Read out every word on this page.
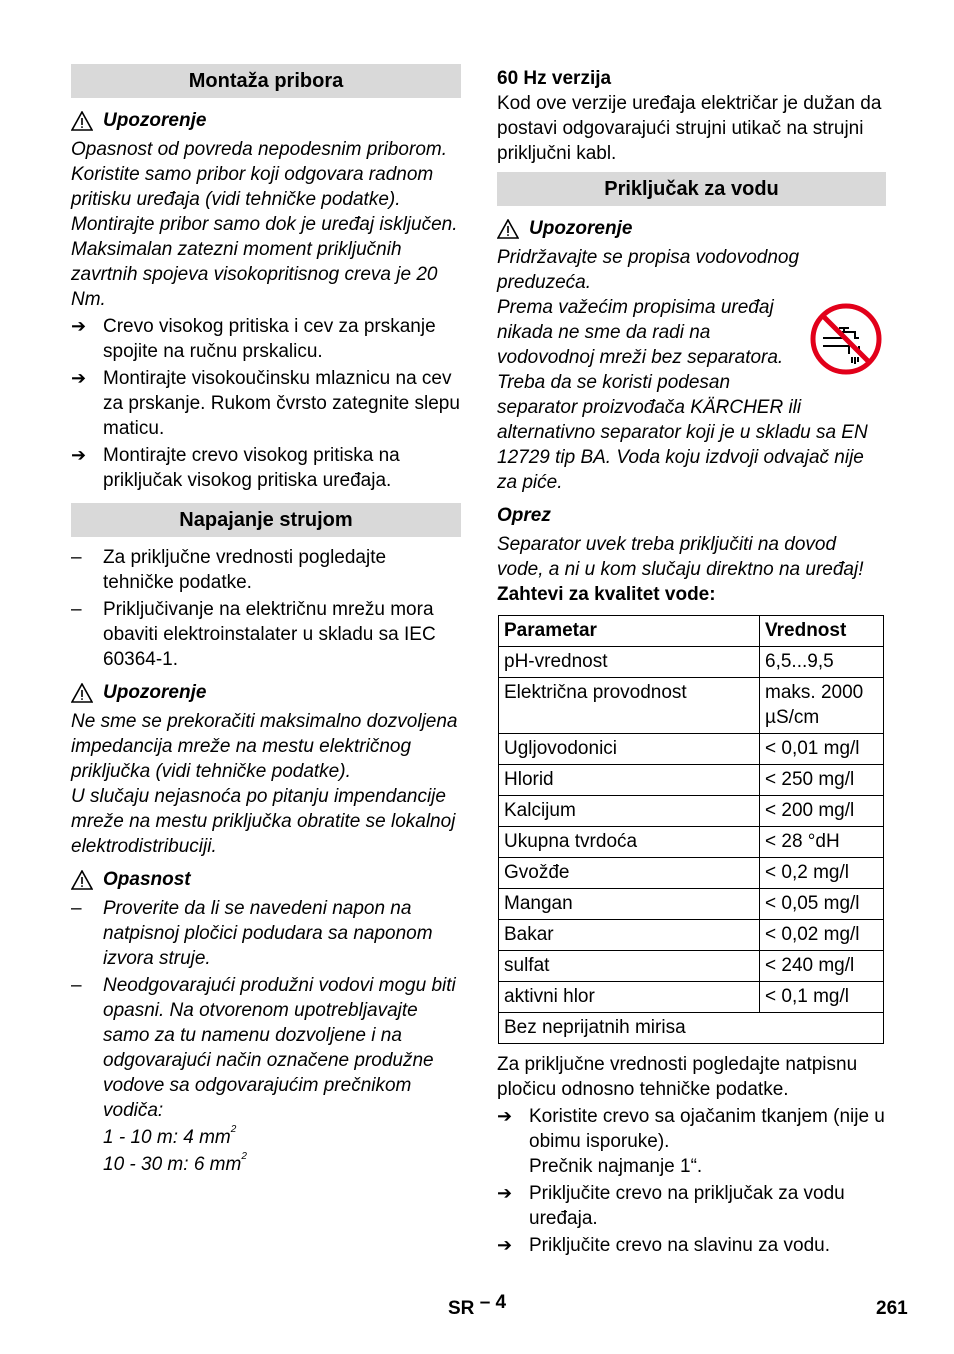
Montaža pribora
Upozorenje

Opasnost od povreda nepodesnim priborom. Koristite samo pribor koji odgovara radnom pritisku uređaja (vidi tehničke podatke).

Montirajte pribor samo dok je uređaj isključen.

Maksimalan zatezni moment priključnih zavrtnih spojeva visokopritisnog creva je 20 Nm.

➔ Crevo visokog pritiska i cev za prskanje spojite na ručnu prskalicu.
➔ Montirajte visokoučinsku mlaznicu na cev za prskanje. Rukom čvrsto zategnite slepu maticu.
➔ Montirajte crevo visokog pritiska na priključak visokog pritiska uređaja.
Napajanje strujom
–	Za priključne vrednosti pogledajte tehničke podatke.
–	Priključivanje na električnu mrežu mora obaviti elektroinstalater u skladu sa IEC 60364-1.
Upozorenje

Ne sme se prekoračiti maksimalno dozvoljena impedancija mreže na mestu električnog priključka (vidi tehničke podatke).

U slučaju nejasnoća po pitanju impendancije mreže na mestu priključka obratite se lokalnoj elektrodistribuciji.

Opasnost
–	Proverite da li se navedeni napon na natpisnoj pločici podudara sa naponom izvora struje.
–	Neodgovarajući produžni vodovi mogu biti opasni. Na otvorenom upotrebljavajte samo za tu namenu dozvoljene i na odgovarajući način označene produžne vodove sa odgovarajućim prečnikom vodiča:
1 - 10 m: 4 $mm^2$
10 - 30 m: 6 $mm^2$
60 Hz verzija

Kod ove verzije uređaja električar je dužan da postavi odgovarajući strujni utikač na strujni priključni kabl.

Priključak za vodu
Upozorenje

Pridržavajte se propisa vodovodnog preduzeća.

Prema važećim propisima uređaj
nikada ne sme da radi na
vodovodnoj mreži bez separatora.
Treba da se koristi podesan
separator proizvođača KÄRCHER ili alternativno separator koji je u skladu sa EN 12729 tip BA. Voda koju izdvoji odvajač nije za piće.
Oprez

Separator uvek treba priključiti na dovod vode, a ni u kom slučaju direktno na uređaj!

Zahtevi za kvalitet vode:
Parametar	Vrednost
pH-vrednost	6,5...9,5
Električna provodnost	maks. 2000 µS/cm
Ugljovodonici	< 0,01 mg/l
Hlorid	< 250 mg/l
Kalcijum	< 200 mg/l
Ukupna tvrdoća	< 28 °dH
Gvožđe	< 0,2 mg/l
Mangan	< 0,05 mg/l
Bakar	< 0,02 mg/l
sulfat	< 240 mg/l
aktivni hlor	< 0,1 mg/l
Bez neprijatnih mirisa	

Za priključne vrednosti pogledajte natpisnu pločicu odnosno tehničke podatke.

➔ Koristite crevo sa ojačanim tkanjem (nije u obimu isporuke).
Prečnik najmanje 1“.
➔ Priključite crevo na priključak za vodu uređaja.
➔ Priključite crevo na slavinu za vodu.
SR – 4	261
